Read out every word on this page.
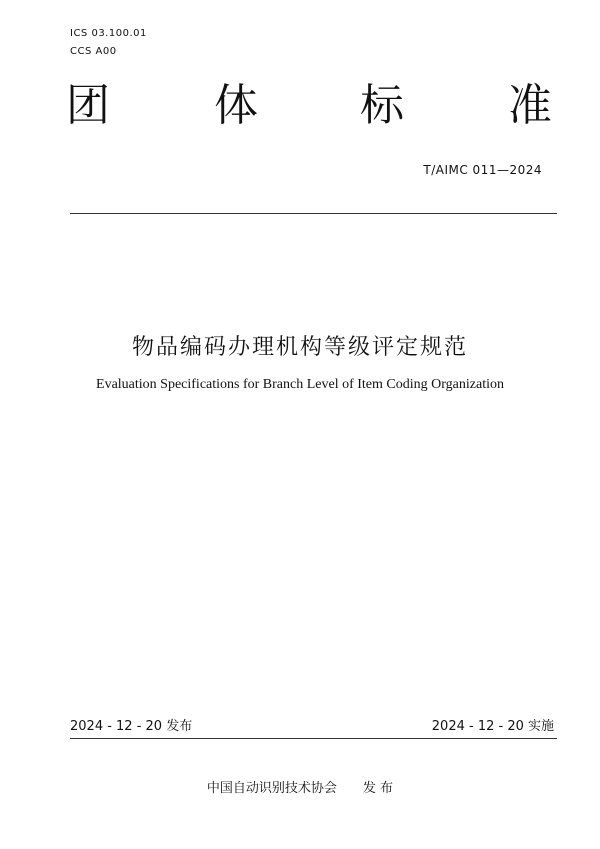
ICS 03.100.01
CCS A00
团 体 标 准
T/AIMC 011—2024
物品编码办理机构等级评定规范
Evaluation Specifications for Branch Level of Item Coding Organization
2024 - 12 - 20 发布	2024 - 12 - 20 实施
中国自动识别技术协会　　发 布
